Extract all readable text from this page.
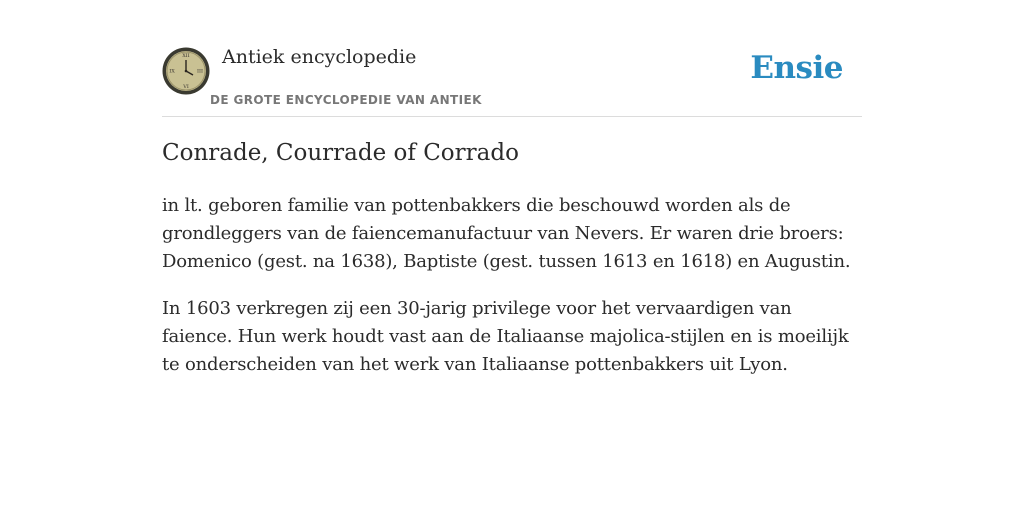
XII
III
VI
IX
Antiek encyclopedie
DE GROTE ENCYCLOPEDIE VAN ANTIEK
Ensie
Conrade, Courrade of Corrado

in lt. geboren familie van pottenbakkers die beschouwd worden als de grondleggers van de faiencemanufactuur van Nevers. Er waren drie broers: Domenico (gest. na 1638), Baptiste (gest. tussen 1613 en 1618) en Augustin.

In 1603 verkregen zij een 30-jarig privilege voor het vervaardigen van faience. Hun werk houdt vast aan de Italiaanse majolica-stijlen en is moeilijk te onderscheiden van het werk van Italiaanse pottenbakkers uit Lyon.
